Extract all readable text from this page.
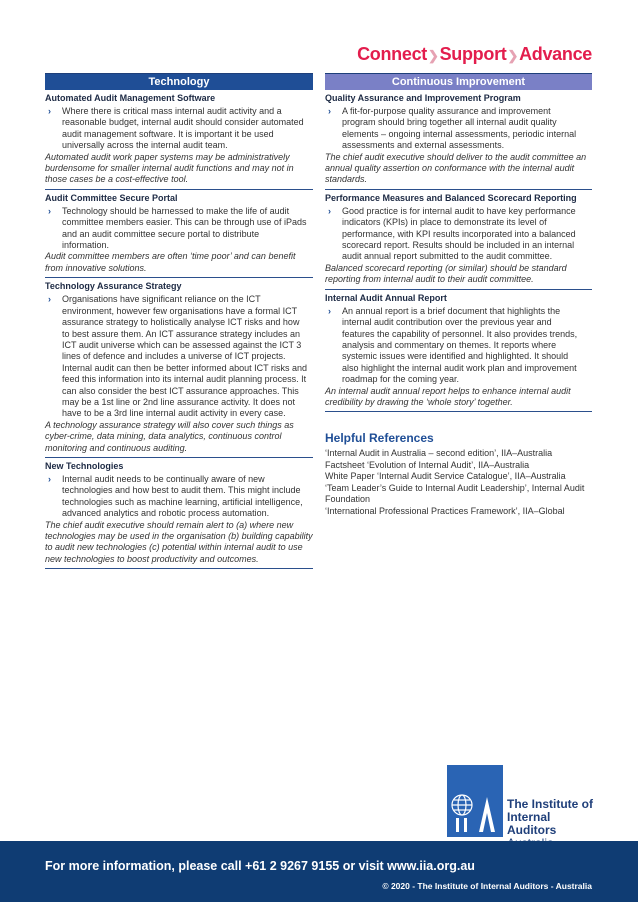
Connect❯Support❯Advance
Technology
Automated Audit Management Software
›	Where there is critical mass internal audit activity and a reasonable budget, internal audit should consider automated audit management software. It is important it be used universally across the internal audit team.
Automated audit work paper systems may be administratively burdensome for smaller internal audit functions and may not in those cases be a cost-effective tool.
Audit Committee Secure Portal
›	Technology should be harnessed to make the life of audit committee members easier. This can be through use of iPads and an audit committee secure portal to distribute information.
Audit committee members are often ‘time poor’ and can benefit from innovative solutions.
Technology Assurance Strategy
›	Organisations have significant reliance on the ICT environment, however few organisations have a formal ICT assurance strategy to holistically analyse ICT risks and how to best assure them. An ICT assurance strategy includes an ICT audit universe which can be assessed against the ICT 3 lines of defence and includes a universe of ICT projects. Internal audit can then be better informed about ICT risks and feed this information into its internal audit planning process. It can also consider the best ICT assurance approaches. This may be a 1st line or 2nd line assurance activity. It does not have to be a 3rd line internal audit activity in every case.
A technology assurance strategy will also cover such things as cyber-crime, data mining, data analytics, continuous control monitoring and continuous auditing.
New Technologies
›	Internal audit needs to be continually aware of new technologies and how best to audit them. This might include technologies such as machine learning, artificial intelligence, advanced analytics and robotic process automation.
The chief audit executive should remain alert to (a) where new technologies may be used in the organisation (b) building capability to audit new technologies (c) potential within internal audit to use new technologies to boost productivity and outcomes.
Continuous Improvement
Quality Assurance and Improvement Program
›	A fit-for-purpose quality assurance and improvement program should bring together all internal audit quality elements – ongoing internal assessments, periodic internal assessments and external assessments.
The chief audit executive should deliver to the audit committee an annual quality assertion on conformance with the internal audit standards.
Performance Measures and Balanced Scorecard Reporting
›	Good practice is for internal audit to have key performance indicators (KPIs) in place to demonstrate its level of performance, with KPI results incorporated into a balanced scorecard report. Results should be included in an internal audit annual report submitted to the audit committee.
Balanced scorecard reporting (or similar) should be standard reporting from internal audit to their audit committee.
Internal Audit Annual Report
›	An annual report is a brief document that highlights the internal audit contribution over the previous year and features the capability of personnel. It also provides trends, analysis and commentary on themes. It reports where systemic issues were identified and highlighted. It should also highlight the internal audit work plan and improvement roadmap for the coming year.
An internal audit annual report helps to enhance internal audit credibility by drawing the ‘whole story’ together.
Helpful References
‘Internal Audit in Australia – second edition’, IIA–Australia
Factsheet ‘Evolution of Internal Audit’, IIA–Australia
White Paper ‘Internal Audit Service Catalogue’, IIA–Australia
‘Team Leader’s Guide to Internal Audit Leadership’, Internal Audit Foundation
‘International Professional Practices Framework’, IIA–Global
The Institute of
Internal Auditors
For more information, please call +61 2 9267 9155 or visit www.iia.org.au
© 2020 - The Institute of Internal Auditors - Australia
